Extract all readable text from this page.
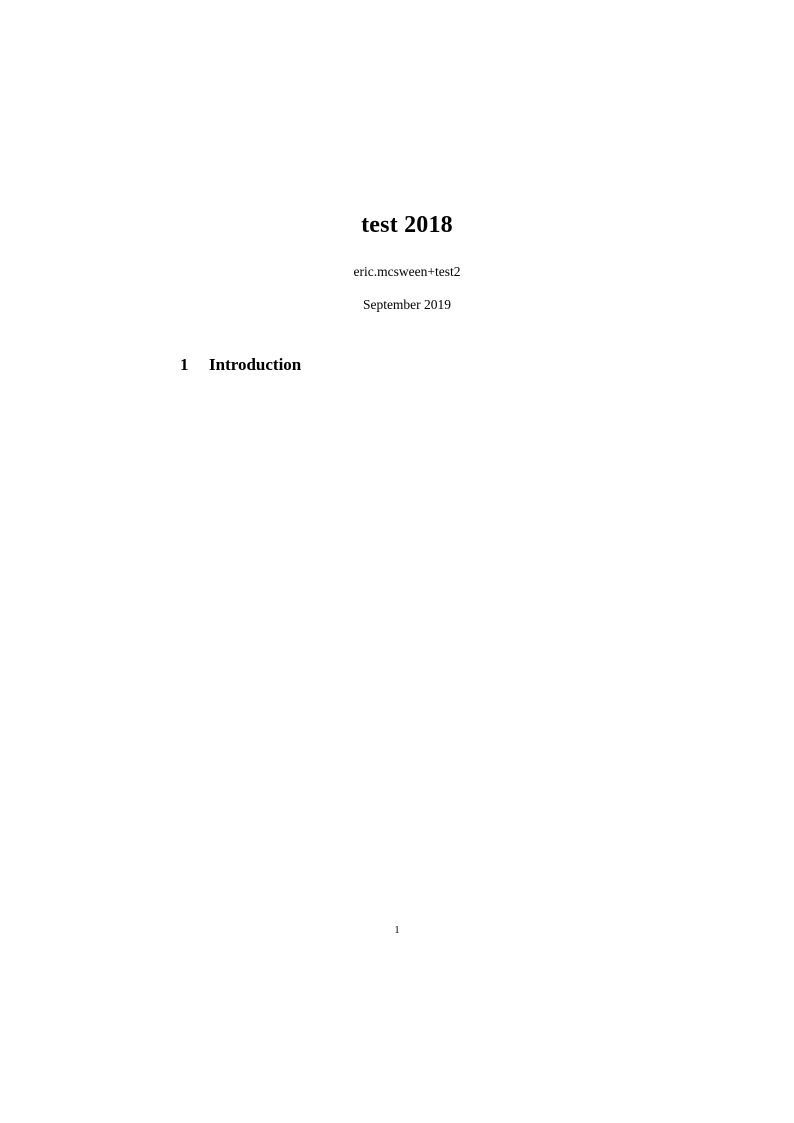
test 2018
eric.mcsween+test2
September 2019
1 Introduction

1
